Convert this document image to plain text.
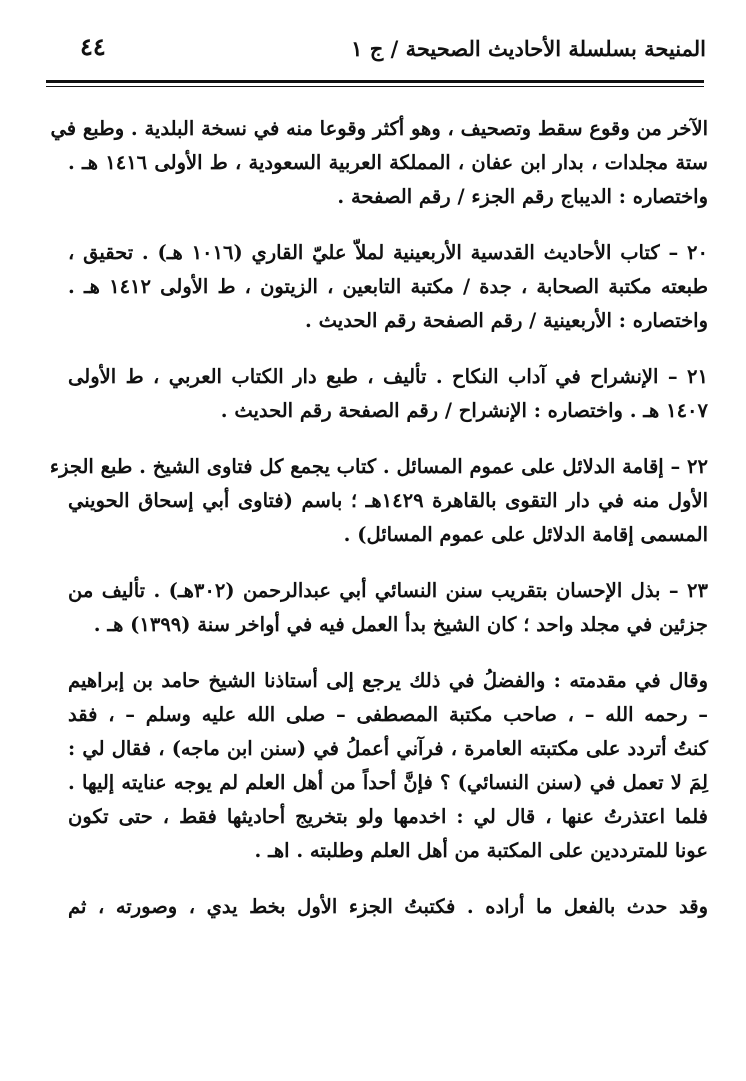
المنيحة بسلسلة الأحاديث الصحيحة / ج ١
٤٤
الآخر من وقوع سقط وتصحيف ، وهو أكثر وقوعا منه في نسخة البلدية . وطبع في
ستة مجلدات ، بدار ابن عفان ، المملكة العربية السعودية ، ط الأولى ١٤١٦ هـ .
واختصاره : الديباج رقم الجزء / رقم الصفحة .
٢٠ – كتاب الأحاديث القدسية الأربعينية لملاّ عليّ القاري (١٠١٦ هـ) . تحقيق ،
طبعته مكتبة الصحابة ، جدة / مكتبة التابعين ، الزيتون ، ط الأولى ١٤١٢ هـ .
واختصاره : الأربعينية / رقم الصفحة رقم الحديث .
٢١ – الإنشراح في آداب النكاح . تأليف ، طبع دار الكتاب العربي ، ط الأولى
١٤٠٧ هـ . واختصاره : الإنشراح / رقم الصفحة رقم الحديث .
٢٢ – إقامة الدلائل على عموم المسائل . كتاب يجمع كل فتاوى الشيخ . طبع الجزء
الأول منه في دار التقوى بالقاهرة ١٤٢٩هـ ؛ باسم (فتاوى أبي إسحاق الحويني
المسمى إقامة الدلائل على عموم المسائل) .
٢٣ – بذل الإحسان بتقريب سنن النسائي أبي عبدالرحمن (٣٠٢هـ) . تأليف من
جزئين في مجلد واحد ؛ كان الشيخ بدأ العمل فيه في أواخر سنة (١٣٩٩) هـ .
وقال في مقدمته : والفضلُ في ذلك يرجع إلى أستاذنا الشيخ حامد بن إبراهيم
– رحمه الله – ، صاحب مكتبة المصطفى – صلى الله عليه وسلم – ، فقد
كنتُ أتردد على مكتبته العامرة ، فرآني أعملُ في (سنن ابن ماجه) ، فقال لي :
لِمَ لا تعمل في (سنن النسائي) ؟ فإنَّ أحداً من أهل العلم لم يوجه عنايته إليها .
فلما اعتذرتُ عنها ، قال لي : اخدمها ولو بتخريج أحاديثها فقط ، حتى تكون
عونا للمترددين على المكتبة من أهل العلم وطلبته . اهـ .
وقد حدث بالفعل ما أراده . فكتبتُ الجزء الأول بخط يدي ، وصورته ، ثم
